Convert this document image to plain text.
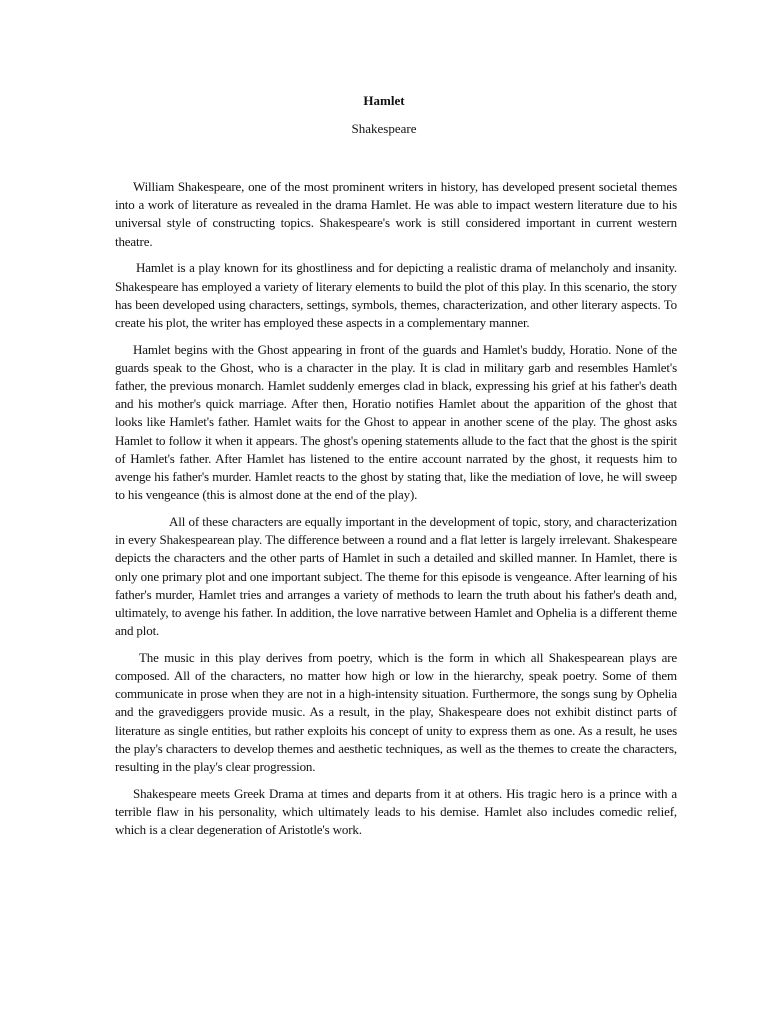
Hamlet
Shakespeare

William Shakespeare, one of the most prominent writers in history, has developed present societal themes into a work of literature as revealed in the drama Hamlet. He was able to impact western literature due to his universal style of constructing topics. Shakespeare's work is still considered important in current western theatre.

Hamlet is a play known for its ghostliness and for depicting a realistic drama of melancholy and insanity. Shakespeare has employed a variety of literary elements to build the plot of this play. In this scenario, the story has been developed using characters, settings, symbols, themes, characterization, and other literary aspects. To create his plot, the writer has employed these aspects in a complementary manner.

Hamlet begins with the Ghost appearing in front of the guards and Hamlet's buddy, Horatio. None of the guards speak to the Ghost, who is a character in the play. It is clad in military garb and resembles Hamlet's father, the previous monarch. Hamlet suddenly emerges clad in black, expressing his grief at his father's death and his mother's quick marriage. After then, Horatio notifies Hamlet about the apparition of the ghost that looks like Hamlet's father. Hamlet waits for the Ghost to appear in another scene of the play. The ghost asks Hamlet to follow it when it appears. The ghost's opening statements allude to the fact that the ghost is the spirit of Hamlet's father. After Hamlet has listened to the entire account narrated by the ghost, it requests him to avenge his father's murder. Hamlet reacts to the ghost by stating that, like the mediation of love, he will sweep to his vengeance (this is almost done at the end of the play).

All of these characters are equally important in the development of topic, story, and characterization in every Shakespearean play. The difference between a round and a flat letter is largely irrelevant. Shakespeare depicts the characters and the other parts of Hamlet in such a detailed and skilled manner. In Hamlet, there is only one primary plot and one important subject. The theme for this episode is vengeance. After learning of his father's murder, Hamlet tries and arranges a variety of methods to learn the truth about his father's death and, ultimately, to avenge his father. In addition, the love narrative between Hamlet and Ophelia is a different theme and plot.

The music in this play derives from poetry, which is the form in which all Shakespearean plays are composed. All of the characters, no matter how high or low in the hierarchy, speak poetry. Some of them communicate in prose when they are not in a high-intensity situation. Furthermore, the songs sung by Ophelia and the gravediggers provide music. As a result, in the play, Shakespeare does not exhibit distinct parts of literature as single entities, but rather exploits his concept of unity to express them as one. As a result, he uses the play's characters to develop themes and aesthetic techniques, as well as the themes to create the characters, resulting in the play's clear progression.

Shakespeare meets Greek Drama at times and departs from it at others. His tragic hero is a prince with a terrible flaw in his personality, which ultimately leads to his demise. Hamlet also includes comedic relief, which is a clear degeneration of Aristotle's work.
